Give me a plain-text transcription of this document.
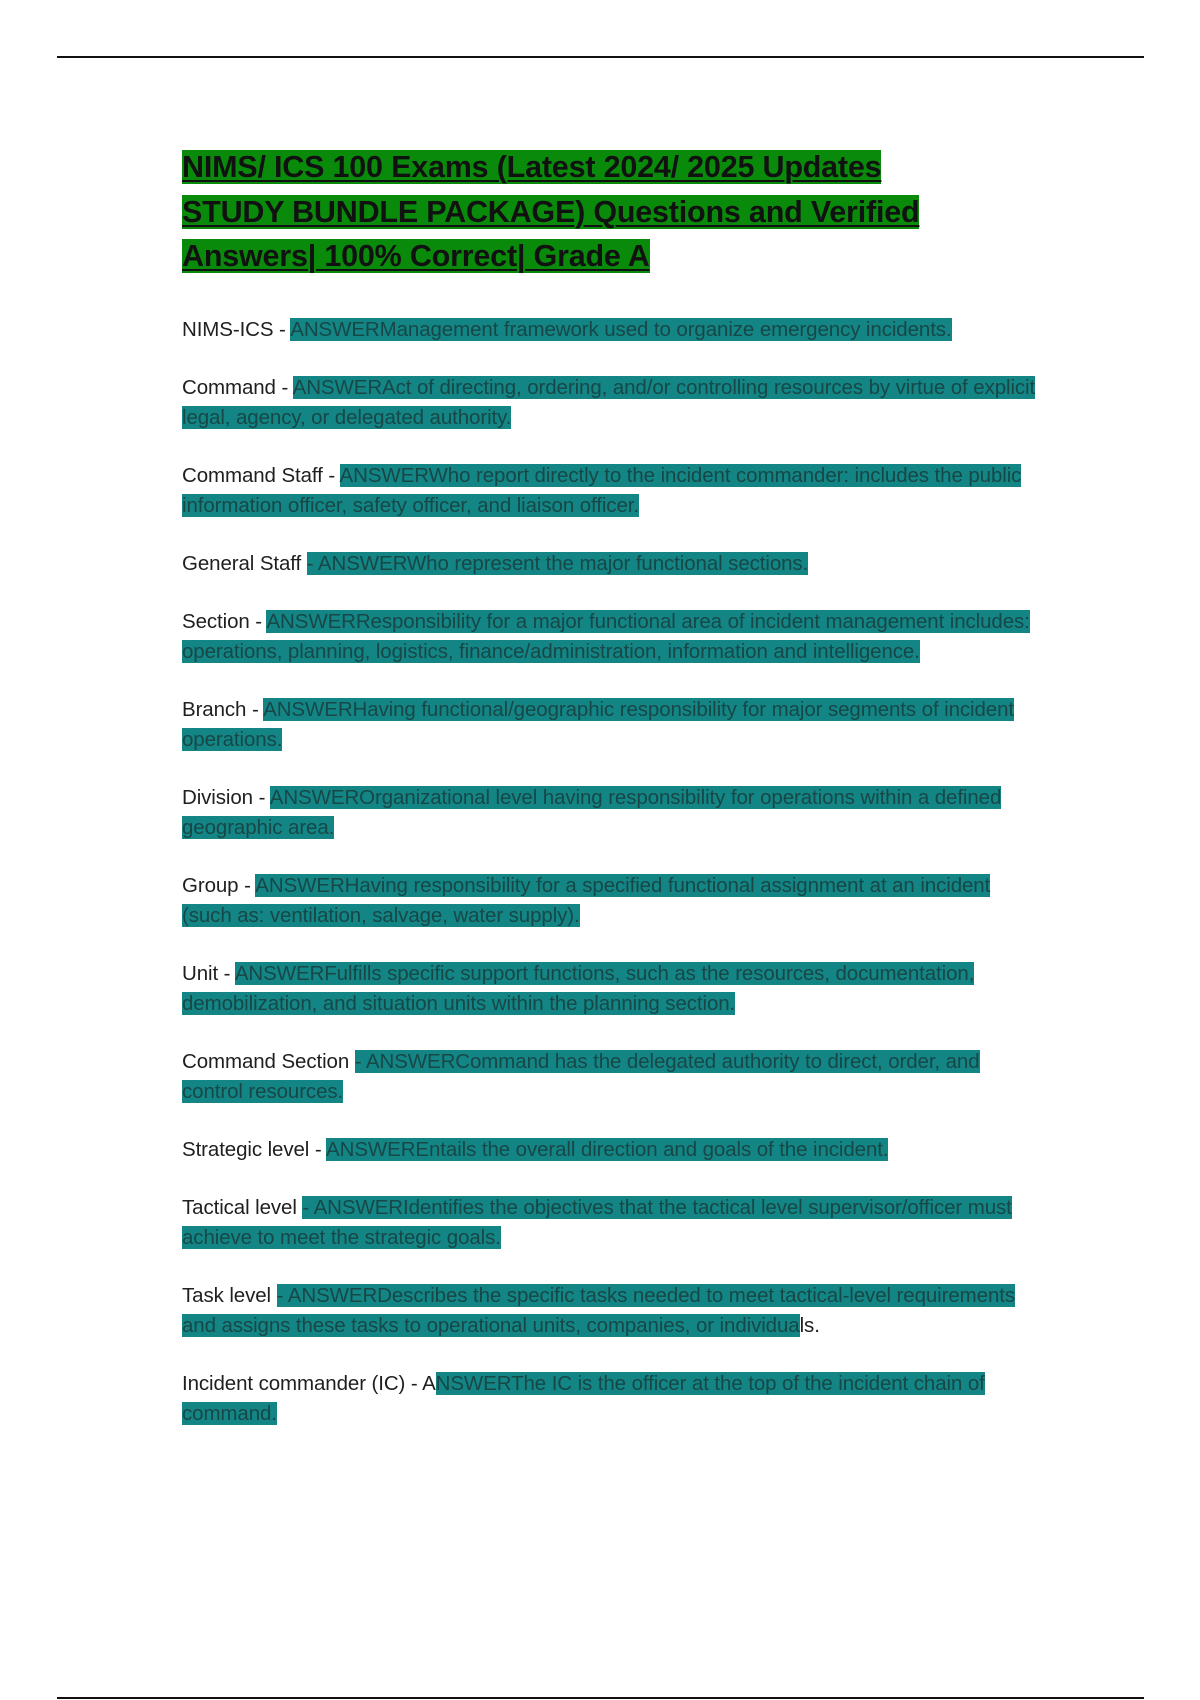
NIMS/ ICS 100 Exams (Latest 2024/ 2025 Updates STUDY BUNDLE PACKAGE) Questions and Verified Answers| 100% Correct| Grade A

NIMS-ICS - ANSWERManagement framework used to organize emergency incidents.

Command - ANSWERAct of directing, ordering, and/or controlling resources by virtue of explicit legal, agency, or delegated authority.

Command Staff - ANSWERWho report directly to the incident commander: includes the public information officer, safety officer, and liaison officer.

General Staff - ANSWERWho represent the major functional sections.

Section - ANSWERResponsibility for a major functional area of incident management includes: operations, planning, logistics, finance/administration, information and intelligence.

Branch - ANSWERHaving functional/geographic responsibility for major segments of incident operations.

Division - ANSWEROrganizational level having responsibility for operations within a defined geographic area.

Group - ANSWERHaving responsibility for a specified functional assignment at an incident (such as: ventilation, salvage, water supply).

Unit - ANSWERFulfills specific support functions, such as the resources, documentation, demobilization, and situation units within the planning section.

Command Section - ANSWERCommand has the delegated authority to direct, order, and control resources.

Strategic level - ANSWEREntails the overall direction and goals of the incident.

Tactical level - ANSWERIdentifies the objectives that the tactical level supervisor/officer must achieve to meet the strategic goals.

Task level - ANSWERDescribes the specific tasks needed to meet tactical-level requirements and assigns these tasks to operational units, companies, or individuals.

Incident commander (IC) - ANSWERThe IC is the officer at the top of the incident chain of command.
